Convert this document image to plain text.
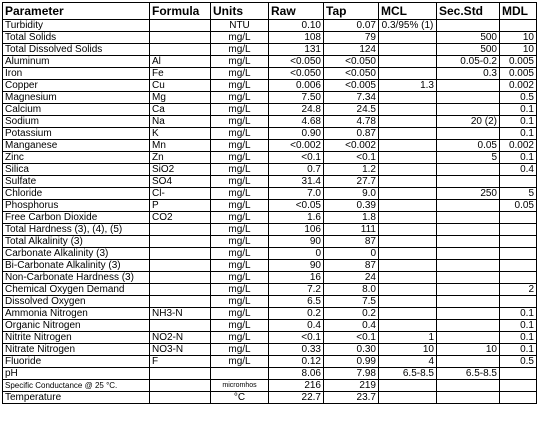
Parameter	Formula	Units	Raw	Tap	MCL	Sec.Std	MDL
Turbidity		NTU	0.10	0.07	0.3/95% (1)		
Total Solids		mg/L	108	79		500	10
Total Dissolved Solids		mg/L	131	124		500	10
Aluminum	Al	mg/L	<0.050	<0.050		0.05-0.2	0.005
Iron	Fe	mg/L	<0.050	<0.050		0.3	0.005
Copper	Cu	mg/L	0.006	<0.005	1.3		0.002
Magnesium	Mg	mg/L	7.50	7.34			0.5
Calcium	Ca	mg/L	24.8	24.5			0.1
Sodium	Na	mg/L	4.68	4.78		20 (2)	0.1
Potassium	K	mg/L	0.90	0.87			0.1
Manganese	Mn	mg/L	<0.002	<0.002		0.05	0.002
Zinc	Zn	mg/L	<0.1	<0.1		5	0.1
Silica	SiO2	mg/L	0.7	1.2			0.4
Sulfate	SO4	mg/L	31.4	27.7			
Chloride	Cl-	mg/L	7.0	9.0		250	5
Phosphorus	P	mg/L	<0.05	0.39			0.05
Free Carbon Dioxide	CO2	mg/L	1.6	1.8			
Total Hardness (3), (4), (5)		mg/L	106	111			
Total Alkalinity (3)		mg/L	90	87			
Carbonate Alkalinity (3)		mg/L	0	0			
Bi-Carbonate Alkalinity (3)		mg/L	90	87			
Non-Carbonate Hardness (3)		mg/L	16	24			
Chemical Oxygen Demand		mg/L	7.2	8.0			2
Dissolved Oxygen		mg/L	6.5	7.5			
Ammonia Nitrogen	NH3-N	mg/L	0.2	0.2			0.1
Organic Nitrogen		mg/L	0.4	0.4			0.1
Nitrite Nitrogen	NO2-N	mg/L	<0.1	<0.1	1		0.1
Nitrate Nitrogen	NO3-N	mg/L	0.33	0.30	10	10	0.1
Fluoride	F	mg/L	0.12	0.99	4		0.5
pH			8.06	7.98	6.5-8.5	6.5-8.5	
Specific Conductance @ 25 °C.		micromhos	216	219			
Temperature		°C	22.7	23.7			
